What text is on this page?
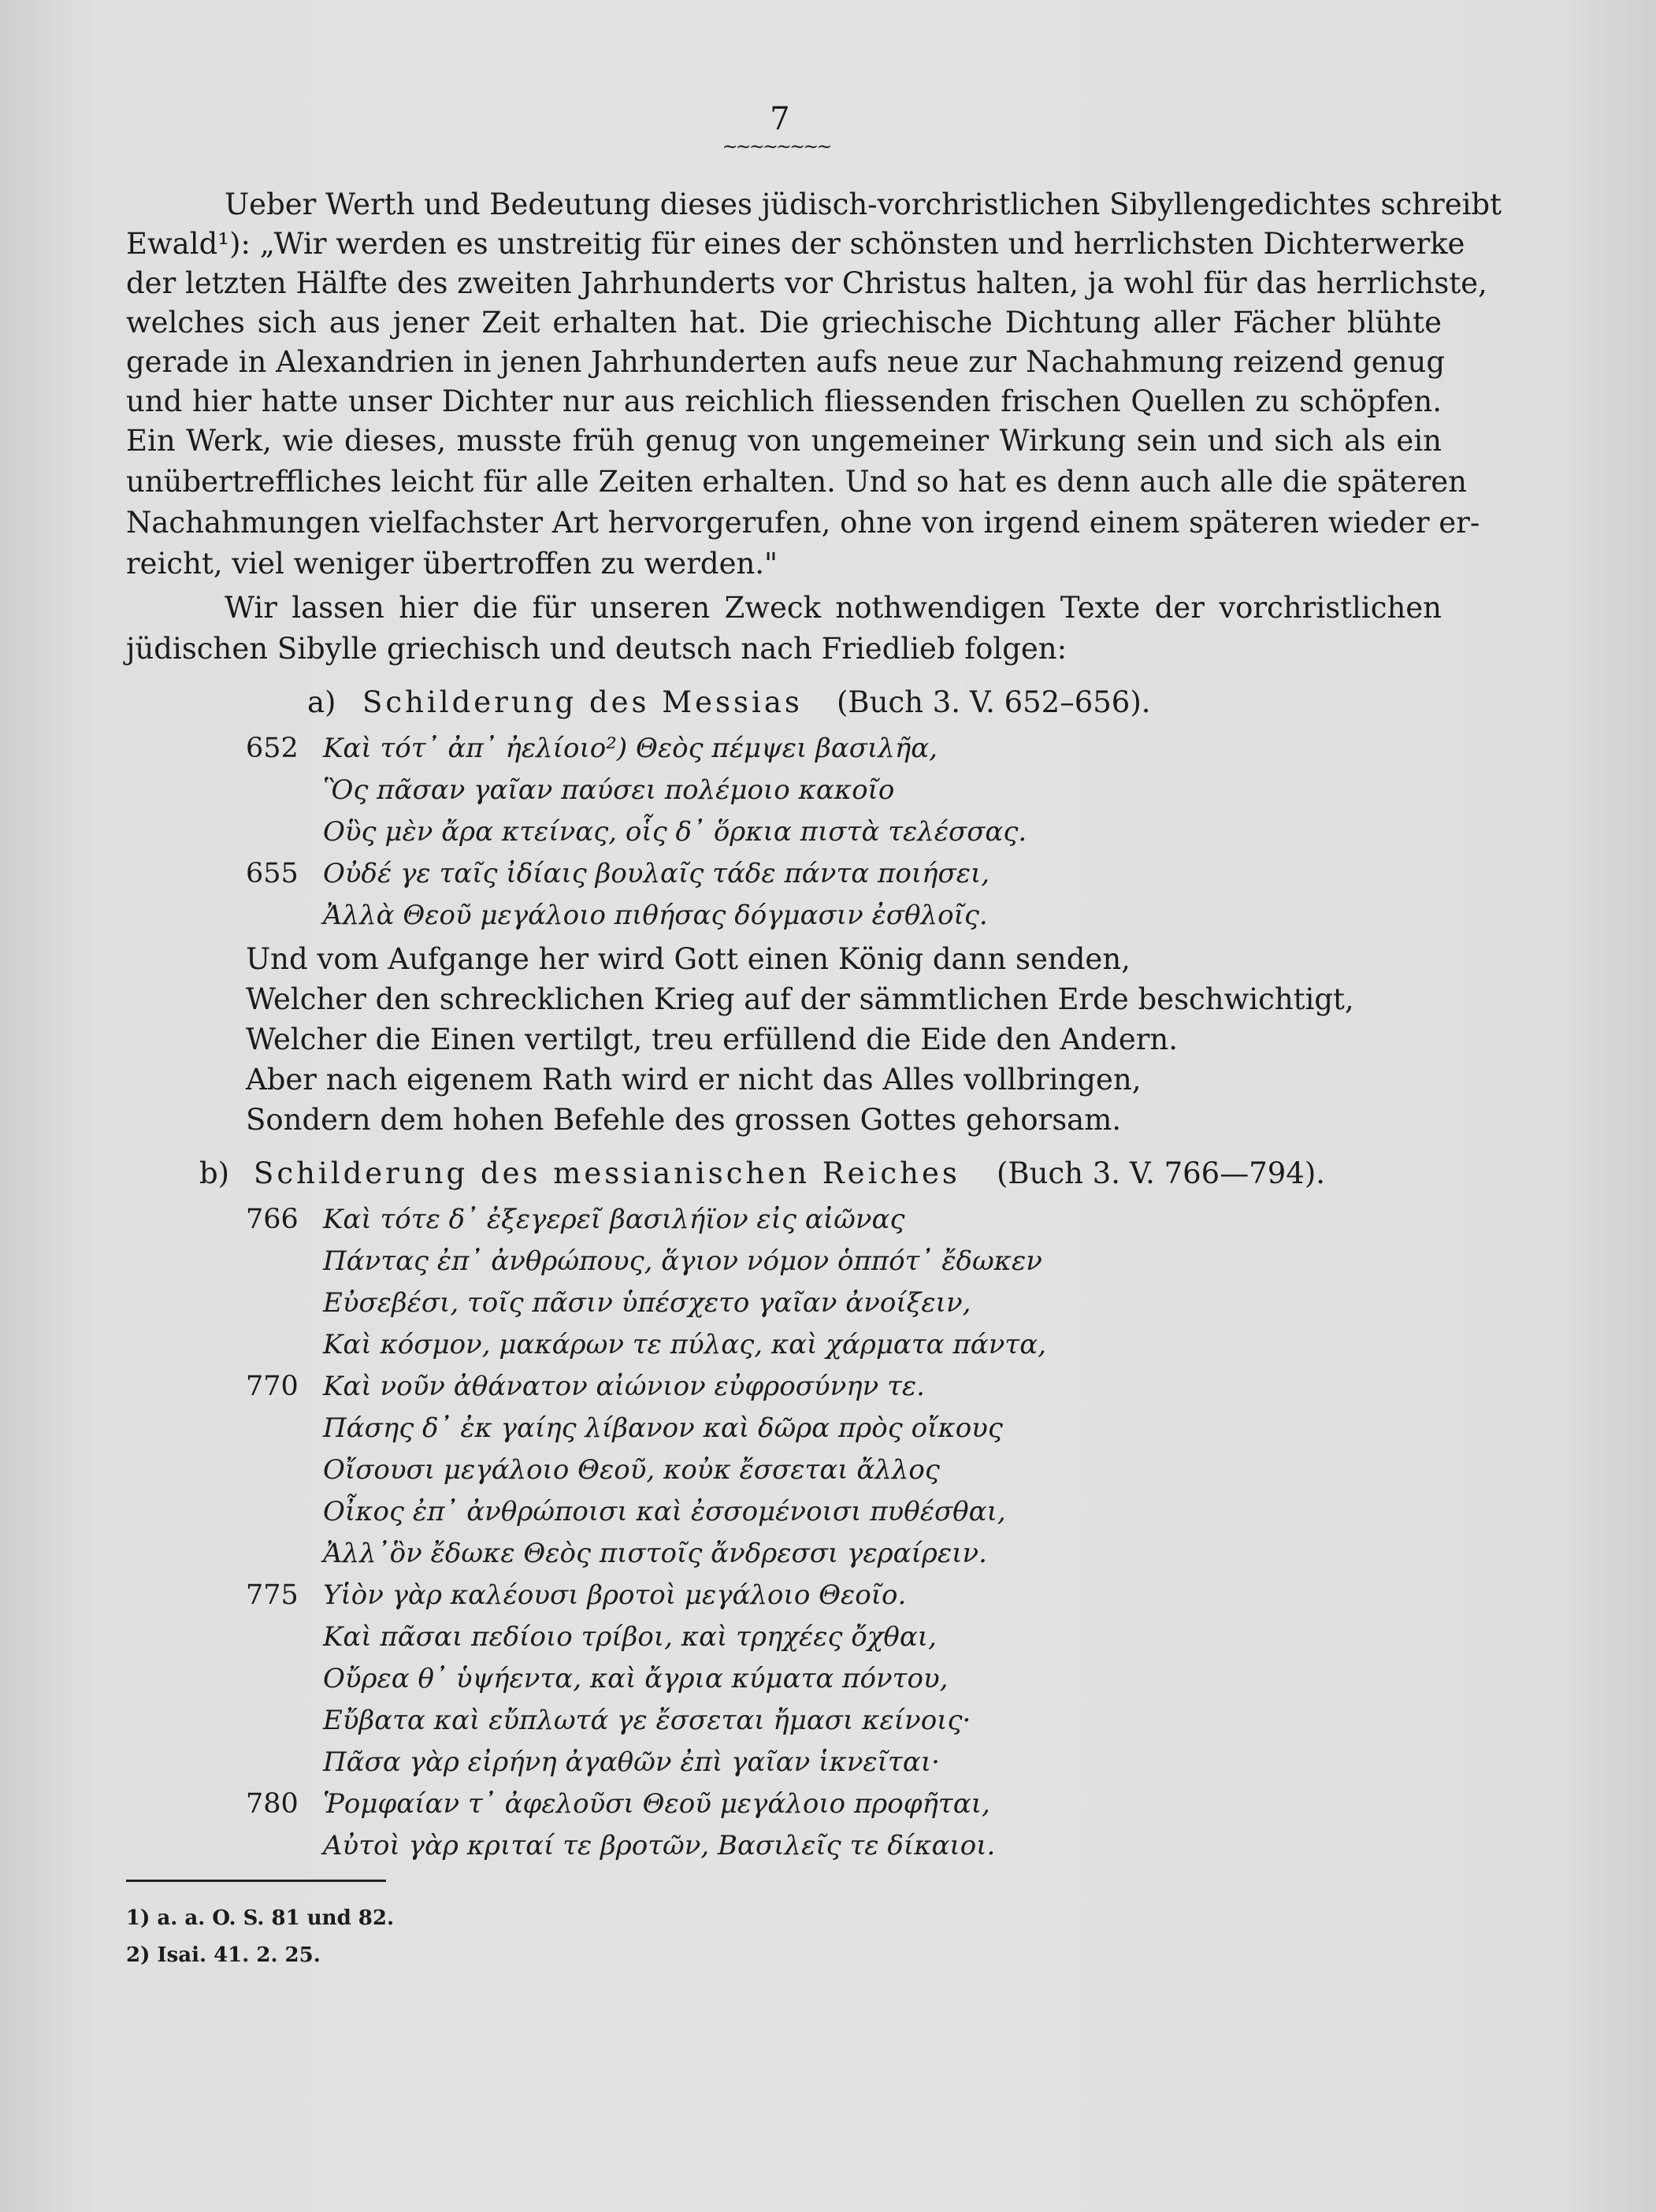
7
~~~~~~~~
Ueber Werth und Bedeutung dieses jüdisch-vorchristlichen Sibyllengedichtes schreibt
Ewald¹): „Wir werden es unstreitig für eines der schönsten und herrlichsten Dichterwerke
der letzten Hälfte des zweiten Jahrhunderts vor Christus halten, ja wohl für das herrlichste,
welches sich aus jener Zeit erhalten hat. Die griechische Dichtung aller Fächer blühte
gerade in Alexandrien in jenen Jahrhunderten aufs neue zur Nachahmung reizend genug
und hier hatte unser Dichter nur aus reichlich fliessenden frischen Quellen zu schöpfen.
Ein Werk, wie dieses, musste früh genug von ungemeiner Wirkung sein und sich als ein
unübertreffliches leicht für alle Zeiten erhalten. Und so hat es denn auch alle die späteren
Nachahmungen vielfachster Art hervorgerufen, ohne von irgend einem späteren wieder er-
reicht, viel weniger übertroffen zu werden."
Wir lassen hier die für unseren Zweck nothwendigen Texte der vorchristlichen
jüdischen Sibylle griechisch und deutsch nach Friedlieb folgen:
a) Schilderung des Messias (Buch 3. V. 652–656).
652 Καὶ τότ᾿ ἀπ᾿ ἠελίοιο²) Θεὸς πέμψει βασιλῆα,
Ὃς πᾶσαν γαῖαν παύσει πολέμοιο κακοῖο
Οὓς μὲν ἄρα κτείνας, οἷς δ᾿ ὅρκια πιστὰ τελέσσας.
655 Οὐδέ γε ταῖς ἰδίαις βουλαῖς τάδε πάντα ποιήσει,
Ἀλλὰ Θεοῦ μεγάλοιο πιθήσας δόγμασιν ἐσθλοῖς.
Und vom Aufgange her wird Gott einen König dann senden,
Welcher den schrecklichen Krieg auf der sämmtlichen Erde beschwichtigt,
Welcher die Einen vertilgt, treu erfüllend die Eide den Andern.
Aber nach eigenem Rath wird er nicht das Alles vollbringen,
Sondern dem hohen Befehle des grossen Gottes gehorsam.
b) Schilderung des messianischen Reiches (Buch 3. V. 766—794).
766 Καὶ τότε δ᾿ ἐξεγερεῖ βασιλήϊον εἰς αἰῶνας
Πάντας ἐπ᾿ ἀνθρώπους, ἅγιον νόμον ὁππότ᾿ ἔδωκεν
Εὐσεβέσι, τοῖς πᾶσιν ὑπέσχετο γαῖαν ἀνοίξειν,
Καὶ κόσμον, μακάρων τε πύλας, καὶ χάρματα πάντα,
770 Καὶ νοῦν ἀθάνατον αἰώνιον εὐφροσύνην τε.
Πάσης δ᾿ ἐκ γαίης λίβανον καὶ δῶρα πρὸς οἴκους
Οἴσουσι μεγάλοιο Θεοῦ, κοὐκ ἔσσεται ἄλλος
Οἶκος ἐπ᾿ ἀνθρώποισι καὶ ἐσσομένοισι πυθέσθαι,
Ἀλλ᾿ὃν ἔδωκε Θεὸς πιστοῖς ἄνδρεσσι γεραίρειν.
775 Υἱὸν γὰρ καλέουσι βροτοὶ μεγάλοιο Θεοῖο.
Καὶ πᾶσαι πεδίοιο τρίβοι, καὶ τρηχέες ὄχθαι,
Οὔρεα θ᾿ ὑψήεντα, καὶ ἄγρια κύματα πόντου,
Εὔβατα καὶ εὔπλωτά γε ἔσσεται ἤμασι κείνοις·
Πᾶσα γὰρ εἰρήνη ἀγαθῶν ἐπὶ γαῖαν ἱκνεῖται·
780 Ῥομφαίαν τ᾿ ἀφελοῦσι Θεοῦ μεγάλοιο προφῆται,
Αὐτοὶ γὰρ κριταί τε βροτῶν, Βασιλεῖς τε δίκαιοι.
1) a. a. O. S. 81 und 82.
2) Isai. 41. 2. 25.
